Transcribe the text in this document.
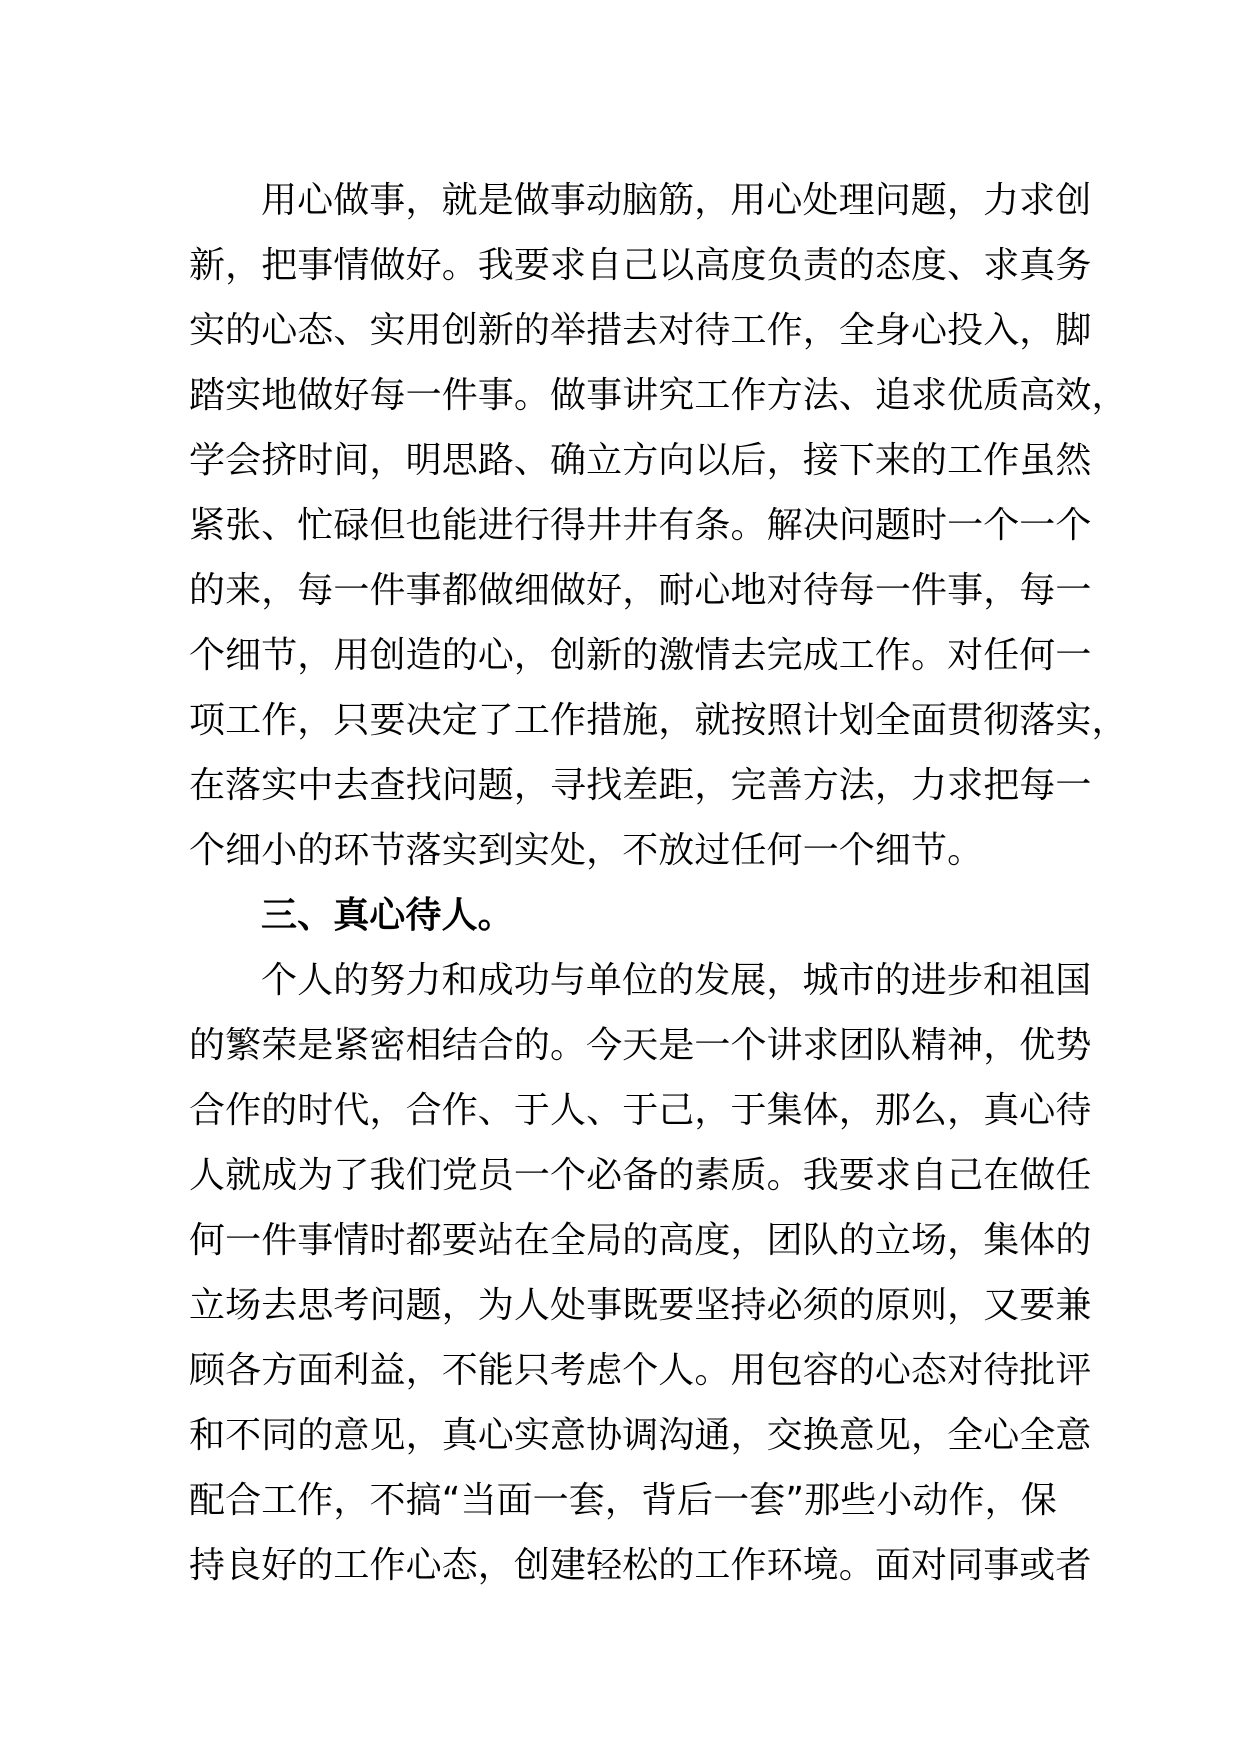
用心做事，就是做事动脑筋，用心处理问题，力求创
新，把事情做好。我要求自己以高度负责的态度、求真务
实的心态、实用创新的举措去对待工作，全身心投入，脚
踏实地做好每一件事。做事讲究工作方法、追求优质高效，
学会挤时间，明思路、确立方向以后，接下来的工作虽然
紧张、忙碌但也能进行得井井有条。解决问题时一个一个
的来，每一件事都做细做好，耐心地对待每一件事，每一
个细节，用创造的心，创新的激情去完成工作。对任何一
项工作，只要决定了工作措施，就按照计划全面贯彻落实，
在落实中去查找问题，寻找差距，完善方法，力求把每一
个细小的环节落实到实处，不放过任何一个细节。
三、真心待人。
个人的努力和成功与单位的发展，城市的进步和祖国
的繁荣是紧密相结合的。今天是一个讲求团队精神，优势
合作的时代，合作、于人、于己，于集体，那么，真心待
人就成为了我们党员一个必备的素质。我要求自己在做任
何一件事情时都要站在全局的高度，团队的立场，集体的
立场去思考问题，为人处事既要坚持必须的原则，又要兼
顾各方面利益，不能只考虑个人。用包容的心态对待批评
和不同的意见，真心实意协调沟通，交换意见，全心全意
配合工作，不搞“当面一套，背后一套”那些小动作，保
持良好的工作心态，创建轻松的工作环境。面对同事或者
